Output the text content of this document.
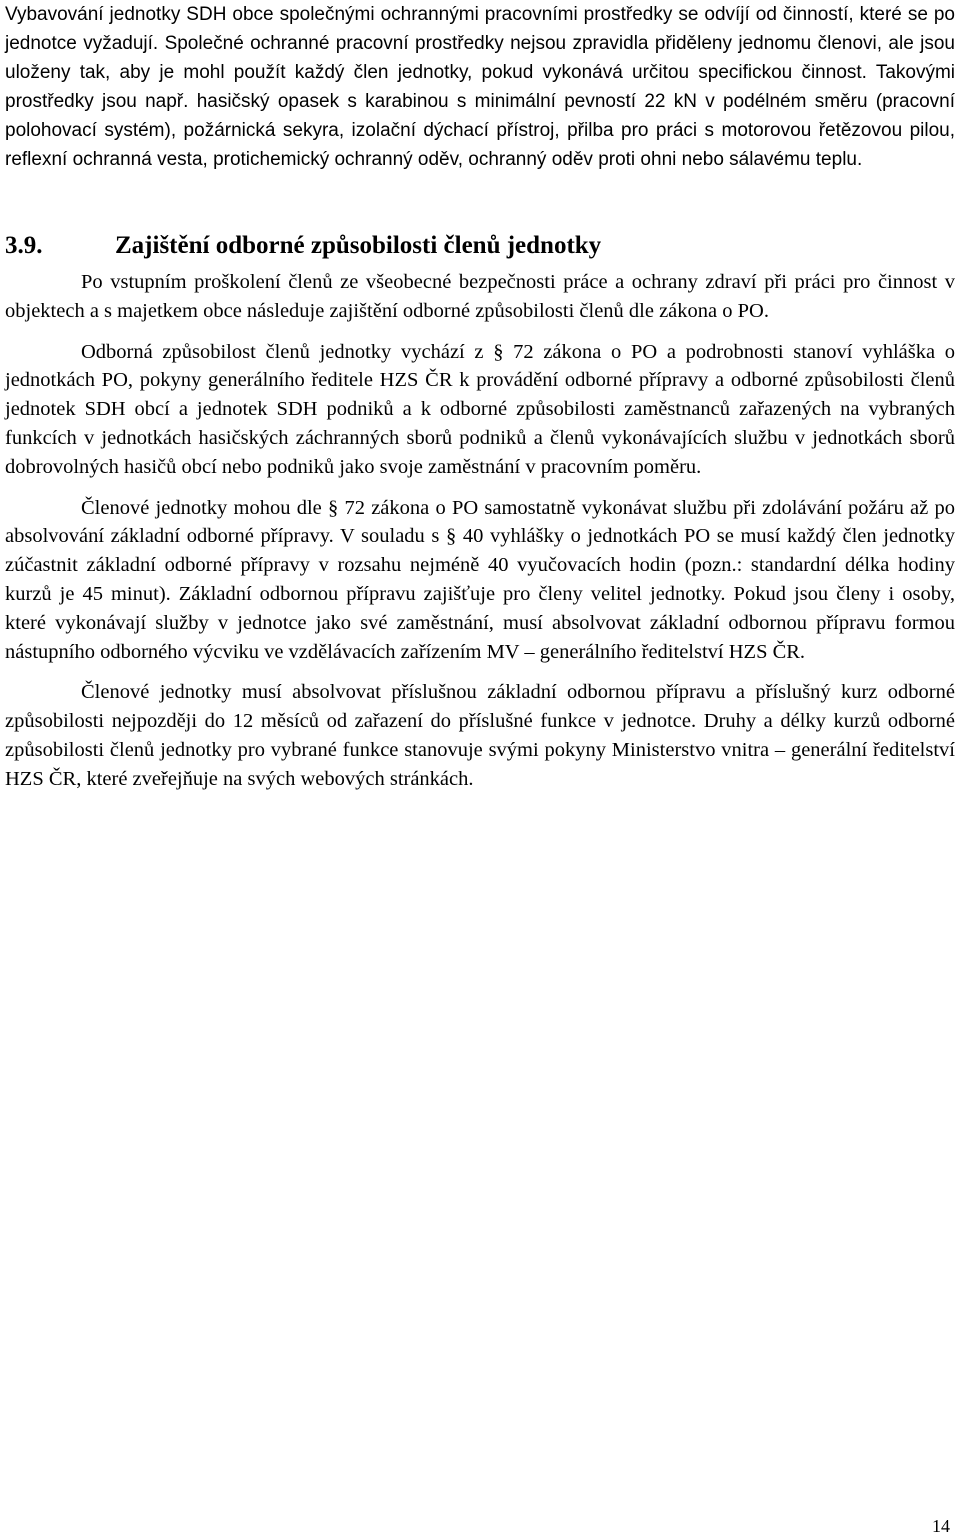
Vybavování jednotky SDH obce společnými ochrannými pracovními prostředky se odvíjí od činností, které se po jednotce vyžadují. Společné ochranné pracovní prostředky nejsou zpravidla přiděleny jednomu členovi, ale jsou uloženy tak, aby je mohl použít každý člen jednotky, pokud vykonává určitou specifickou činnost. Takovými prostředky jsou např. hasičský opasek s karabinou s minimální pevností 22 kN v podélném směru (pracovní polohovací systém), požárnická sekyra, izolační dýchací přístroj, přilba pro práci s motorovou řetězovou pilou, reflexní ochranná vesta, protichemický ochranný oděv, ochranný oděv proti ohni nebo sálavému teplu.

3.9.	Zajištění odborné způsobilosti členů jednotky

Po vstupním proškolení členů ze všeobecné bezpečnosti práce a ochrany zdraví při práci pro činnost v objektech a s majetkem obce následuje zajištění odborné způsobilosti členů dle zákona o PO.

Odborná způsobilost členů jednotky vychází z § 72 zákona o PO a podrobnosti stanoví vyhláška o jednotkách PO, pokyny generálního ředitele HZS ČR k provádění odborné přípravy a odborné způsobilosti členů jednotek SDH obcí a jednotek SDH podniků a k odborné způsobilosti zaměstnanců zařazených na vybraných funkcích v jednotkách hasičských záchranných sborů podniků a členů vykonávajících službu v jednotkách sborů dobrovolných hasičů obcí nebo podniků jako svoje zaměstnání v pracovním poměru.

Členové jednotky mohou dle § 72 zákona o PO samostatně vykonávat službu při zdolávání požáru až po absolvování základní odborné přípravy. V souladu s § 40 vyhlášky o jednotkách PO se musí každý člen jednotky zúčastnit základní odborné přípravy v rozsahu nejméně 40 vyučovacích hodin (pozn.: standardní délka hodiny kurzů je 45 minut). Základní odbornou přípravu zajišťuje pro členy velitel jednotky. Pokud jsou členy i osoby, které vykonávají služby v jednotce jako své zaměstnání, musí absolvovat základní odbornou přípravu formou nástupního odborného výcviku ve vzdělávacích zařízením MV – generálního ředitelství HZS ČR.

Členové jednotky musí absolvovat příslušnou základní odbornou přípravu a příslušný kurz odborné způsobilosti nejpozději do 12 měsíců od zařazení do příslušné funkce v jednotce. Druhy a délky kurzů odborné způsobilosti členů jednotky pro vybrané funkce stanovuje svými pokyny Ministerstvo vnitra – generální ředitelství HZS ČR, které zveřejňuje na svých webových stránkách.

14
